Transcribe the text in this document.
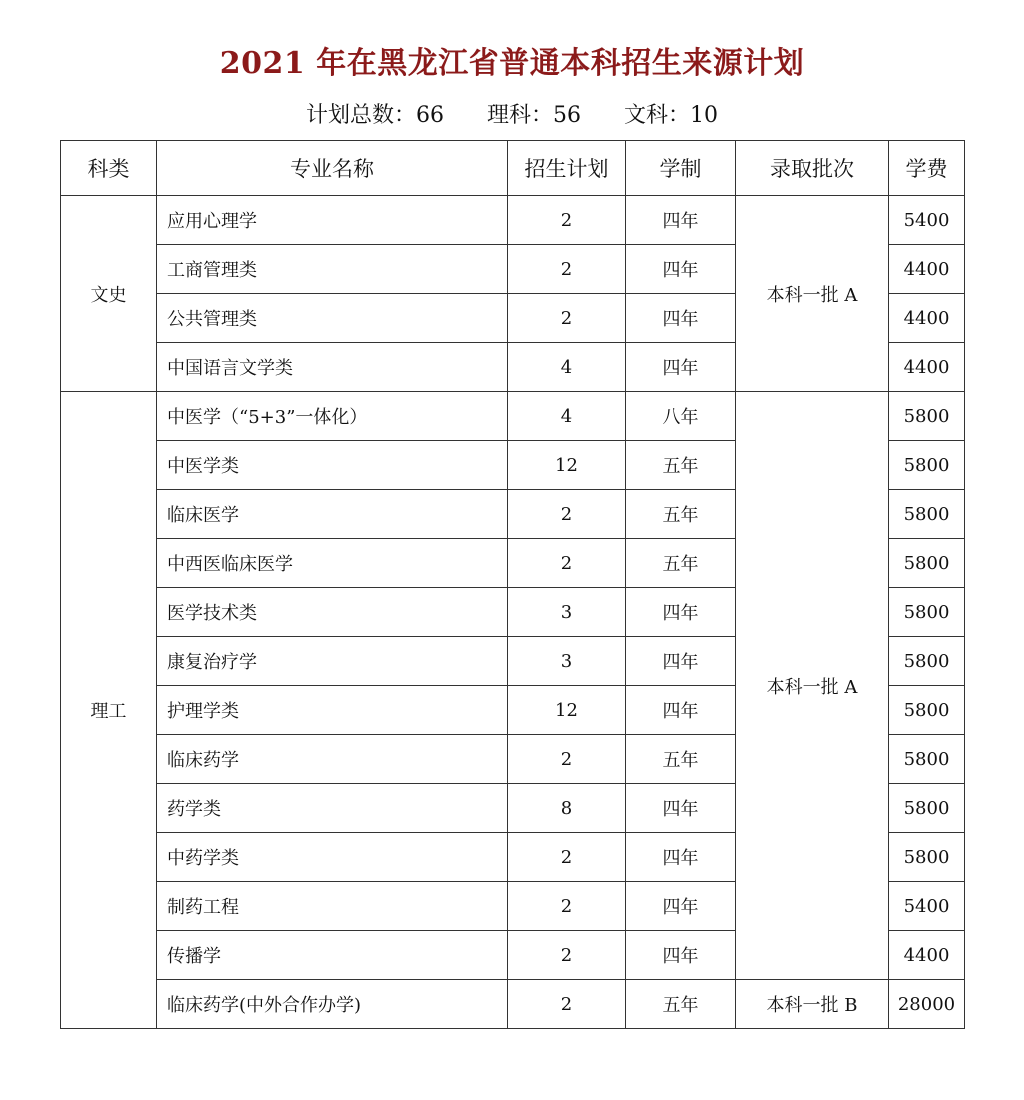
2021 年在黑龙江省普通本科招生来源计划
计划总数：66 理科：56 文科：10
科类	专业名称	招生计划	学制	录取批次	学费
文史	应用心理学	2	四年	本科一批 A	5400
	工商管理类	2	四年		4400
	公共管理类	2	四年		4400
	中国语言文学类	4	四年		4400
理工	中医学（“5+3”一体化）	4	八年	本科一批 A	5800
	中医学类	12	五年		5800
	临床医学	2	五年		5800
	中西医临床医学	2	五年		5800
	医学技术类	3	四年		5800
	康复治疗学	3	四年		5800
	护理学类	12	四年		5800
	临床药学	2	五年		5800
	药学类	8	四年		5800
	中药学类	2	四年		5800
	制药工程	2	四年		5400
	传播学	2	四年		4400
	临床药学(中外合作办学)	2	五年	本科一批 B	28000
